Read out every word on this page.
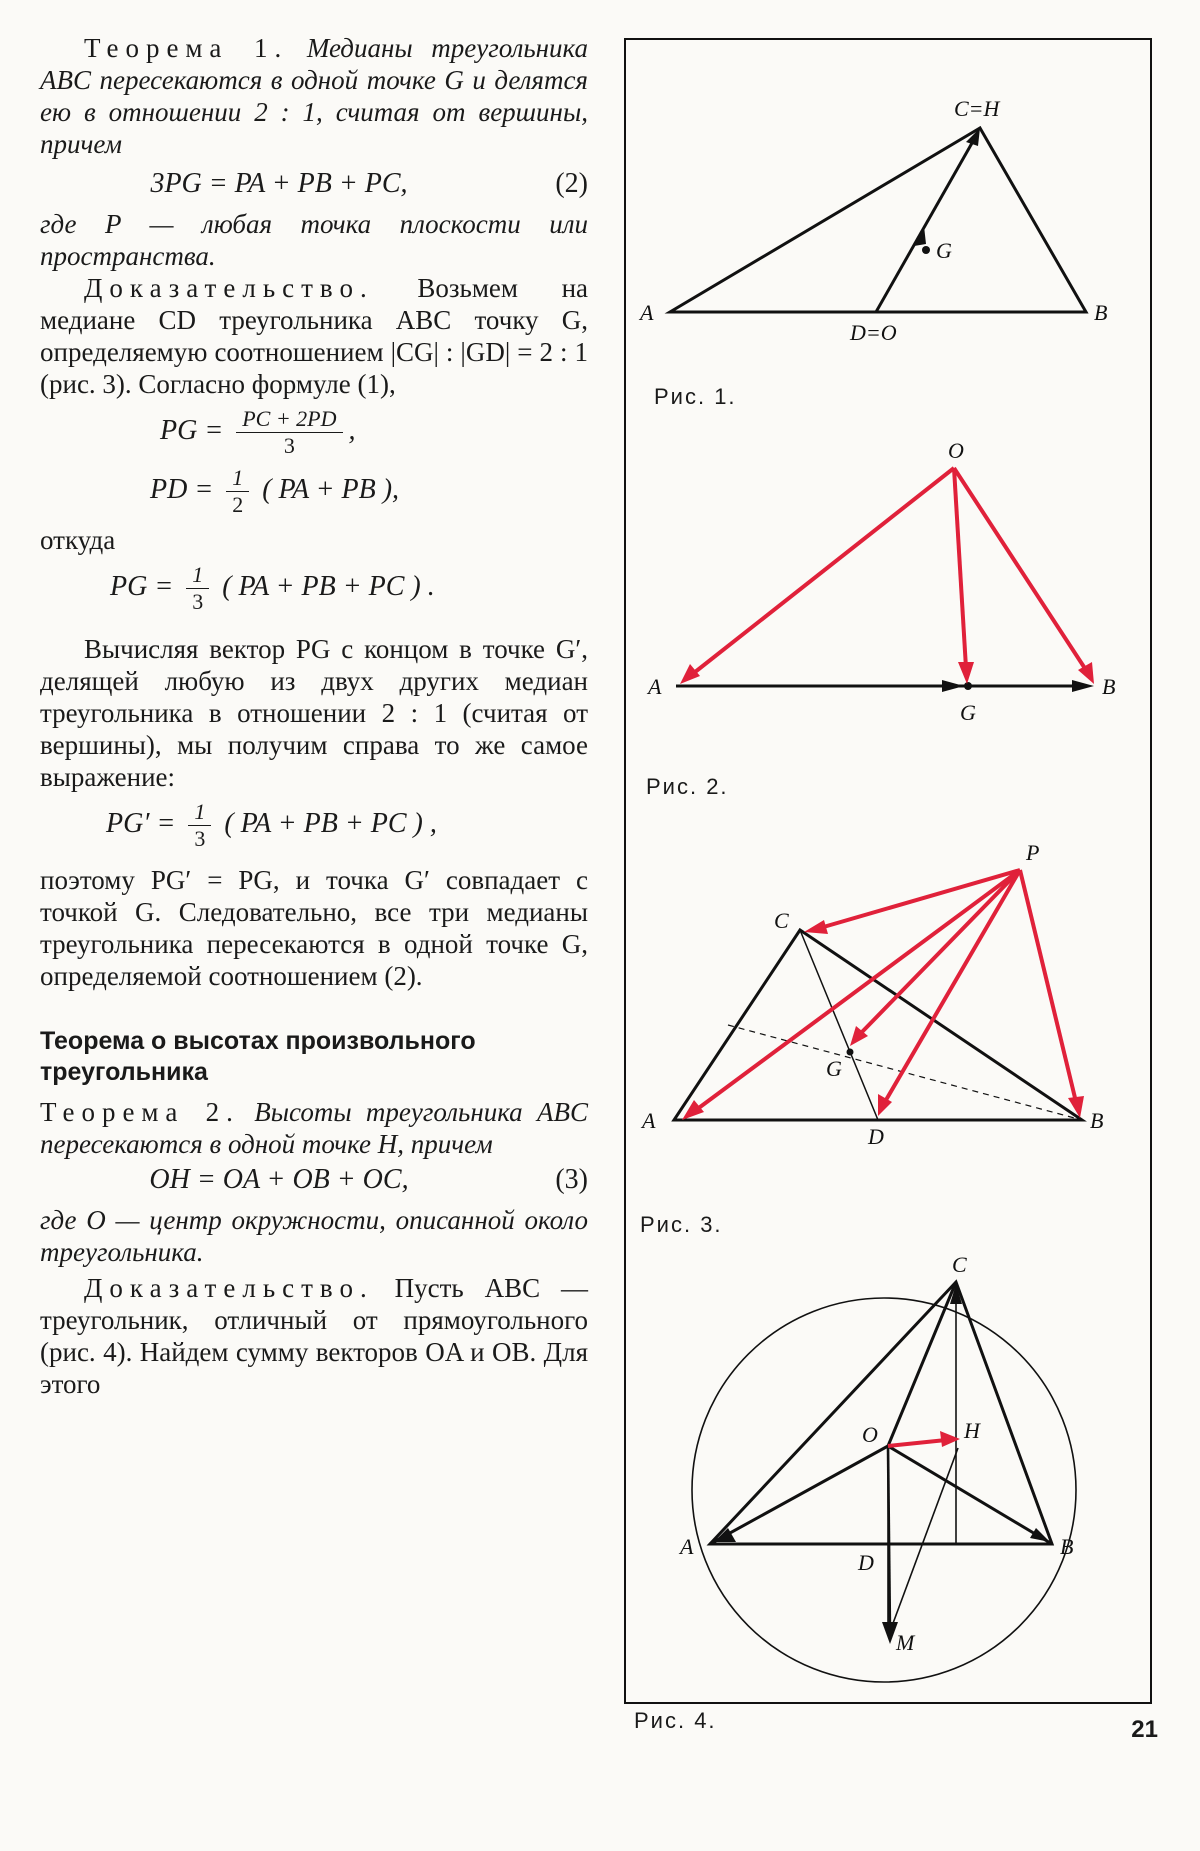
Теорема 1. Медианы треугольника ABC пересекаются в одной точке G и делятся ею в отношении 2 : 1, считая от вершины, причем

3PG = PA + PB + PC,	(2)

где P — любая точка плоскости или пространства.

Доказательство. Возьмем на медиане CD треугольника ABC точку G, определяемую соотношением |CG| : |GD| = 2 : 1 (рис. 3). Согласно формуле (1),

PG = $\frac{PC + 2PD}{3}$ ,
PD = $\frac{1}{2}$ ( PA + PB ),

откуда

PG = $\frac{1}{3}$ ( PA + PB + PC ) .

Вычисляя вектор PG с концом в точке G′, делящей любую из двух других медиан треугольника в отношении 2 : 1 (считая от вершины), мы получим справа то же самое выражение:

$PG' = \frac{1}{3}$ ( PA + PB + PC ) ,

поэтому PG′ = PG, и точка G′ совпадает с точкой G. Следовательно, все три медианы треугольника пересекаются в одной точке G, определяемой соотношением (2).

Теорема о высотах произвольного треугольника

Теорема 2. Высоты треугольника ABC пересекаются в одной точке H, причем

OH = OA + OB + OC,	(3)

где O — центр окружности, описанной около треугольника.

Доказательство. Пусть ABC — треугольник, отличный от прямоугольного (рис. 4). Найдем сумму векторов OA и OB. Для этого

A	B
C=H
D=O
G
Рис. 1.
O
A	B
G
Рис. 2.
P
C
A	B
D
G
Рис. 3.
C
O	H
A	B
D
M
Рис. 4.	21
